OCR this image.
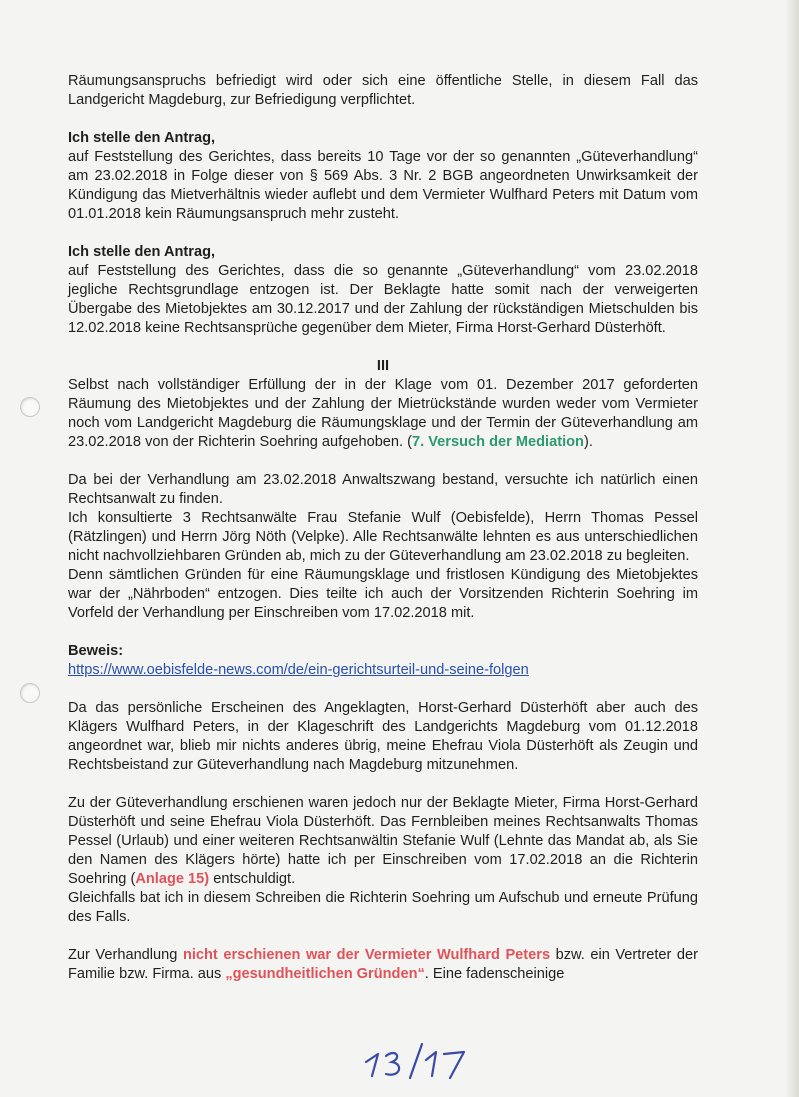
Räumungsanspruchs befriedigt wird oder sich eine öffentliche Stelle, in diesem Fall das Landgericht Magdeburg, zur Befriedigung verpflichtet.

Ich stelle den Antrag,

auf Feststellung des Gerichtes, dass bereits 10 Tage vor der so genannten „Güteverhandlung“ am 23.02.2018 in Folge dieser von § 569 Abs. 3 Nr. 2 BGB angeordneten Unwirksamkeit der Kündigung das Mietverhältnis wieder auflebt und dem Vermieter Wulfhard Peters mit Datum vom 01.01.2018 kein Räumungsanspruch mehr zusteht.

Ich stelle den Antrag,

auf Feststellung des Gerichtes, dass die so genannte „Güteverhandlung“ vom 23.02.2018 jegliche Rechtsgrundlage entzogen ist. Der Beklagte hatte somit nach der verweigerten Übergabe des Mietobjektes am 30.12.2017 und der Zahlung der rückständigen Mietschulden bis 12.02.2018 keine Rechtsansprüche gegenüber dem Mieter, Firma Horst-Gerhard Düsterhöft.

III

Selbst nach vollständiger Erfüllung der in der Klage vom 01. Dezember 2017 geforderten Räumung des Mietobjektes und der Zahlung der Mietrückstände wurden weder vom Vermieter noch vom Landgericht Magdeburg die Räumungsklage und der Termin der Güteverhandlung am 23.02.2018 von der Richterin Soehring aufgehoben. (7. Versuch der Mediation).

Da bei der Verhandlung am 23.02.2018 Anwaltszwang bestand, versuchte ich natürlich einen Rechtsanwalt zu finden.

Ich konsultierte 3 Rechtsanwälte Frau Stefanie Wulf (Oebisfelde), Herrn Thomas Pessel (Rätzlingen) und Herrn Jörg Nöth (Velpke). Alle Rechtsanwälte lehnten es aus unterschiedlichen nicht nachvollziehbaren Gründen ab, mich zu der Güteverhandlung am 23.02.2018 zu begleiten.

Denn sämtlichen Gründen für eine Räumungsklage und fristlosen Kündigung des Mietobjektes war der „Nährboden“ entzogen. Dies teilte ich auch der Vorsitzenden Richterin Soehring im Vorfeld der Verhandlung per Einschreiben vom 17.02.2018 mit.

Beweis:

https://www.oebisfelde-news.com/de/ein-gerichtsurteil-und-seine-folgen

Da das persönliche Erscheinen des Angeklagten, Horst-Gerhard Düsterhöft aber auch des Klägers Wulfhard Peters, in der Klageschrift des Landgerichts Magdeburg vom 01.12.2018 angeordnet war, blieb mir nichts anderes übrig, meine Ehefrau Viola Düsterhöft als Zeugin und Rechtsbeistand zur Güteverhandlung nach Magdeburg mitzunehmen.

Zu der Güteverhandlung erschienen waren jedoch nur der Beklagte Mieter, Firma Horst-Gerhard Düsterhöft und seine Ehefrau Viola Düsterhöft. Das Fernbleiben meines Rechtsanwalts Thomas Pessel (Urlaub) und einer weiteren Rechtsanwältin Stefanie Wulf (Lehnte das Mandat ab, als Sie den Namen des Klägers hörte) hatte ich per Einschreiben vom 17.02.2018 an die Richterin Soehring (Anlage 15) entschuldigt.

Gleichfalls bat ich in diesem Schreiben die Richterin Soehring um Aufschub und erneute Prüfung des Falls.

Zur Verhandlung nicht erschienen war der Vermieter Wulfhard Peters bzw. ein Vertreter der Familie bzw. Firma. aus „gesundheitlichen Gründen“. Eine fadenscheinige
